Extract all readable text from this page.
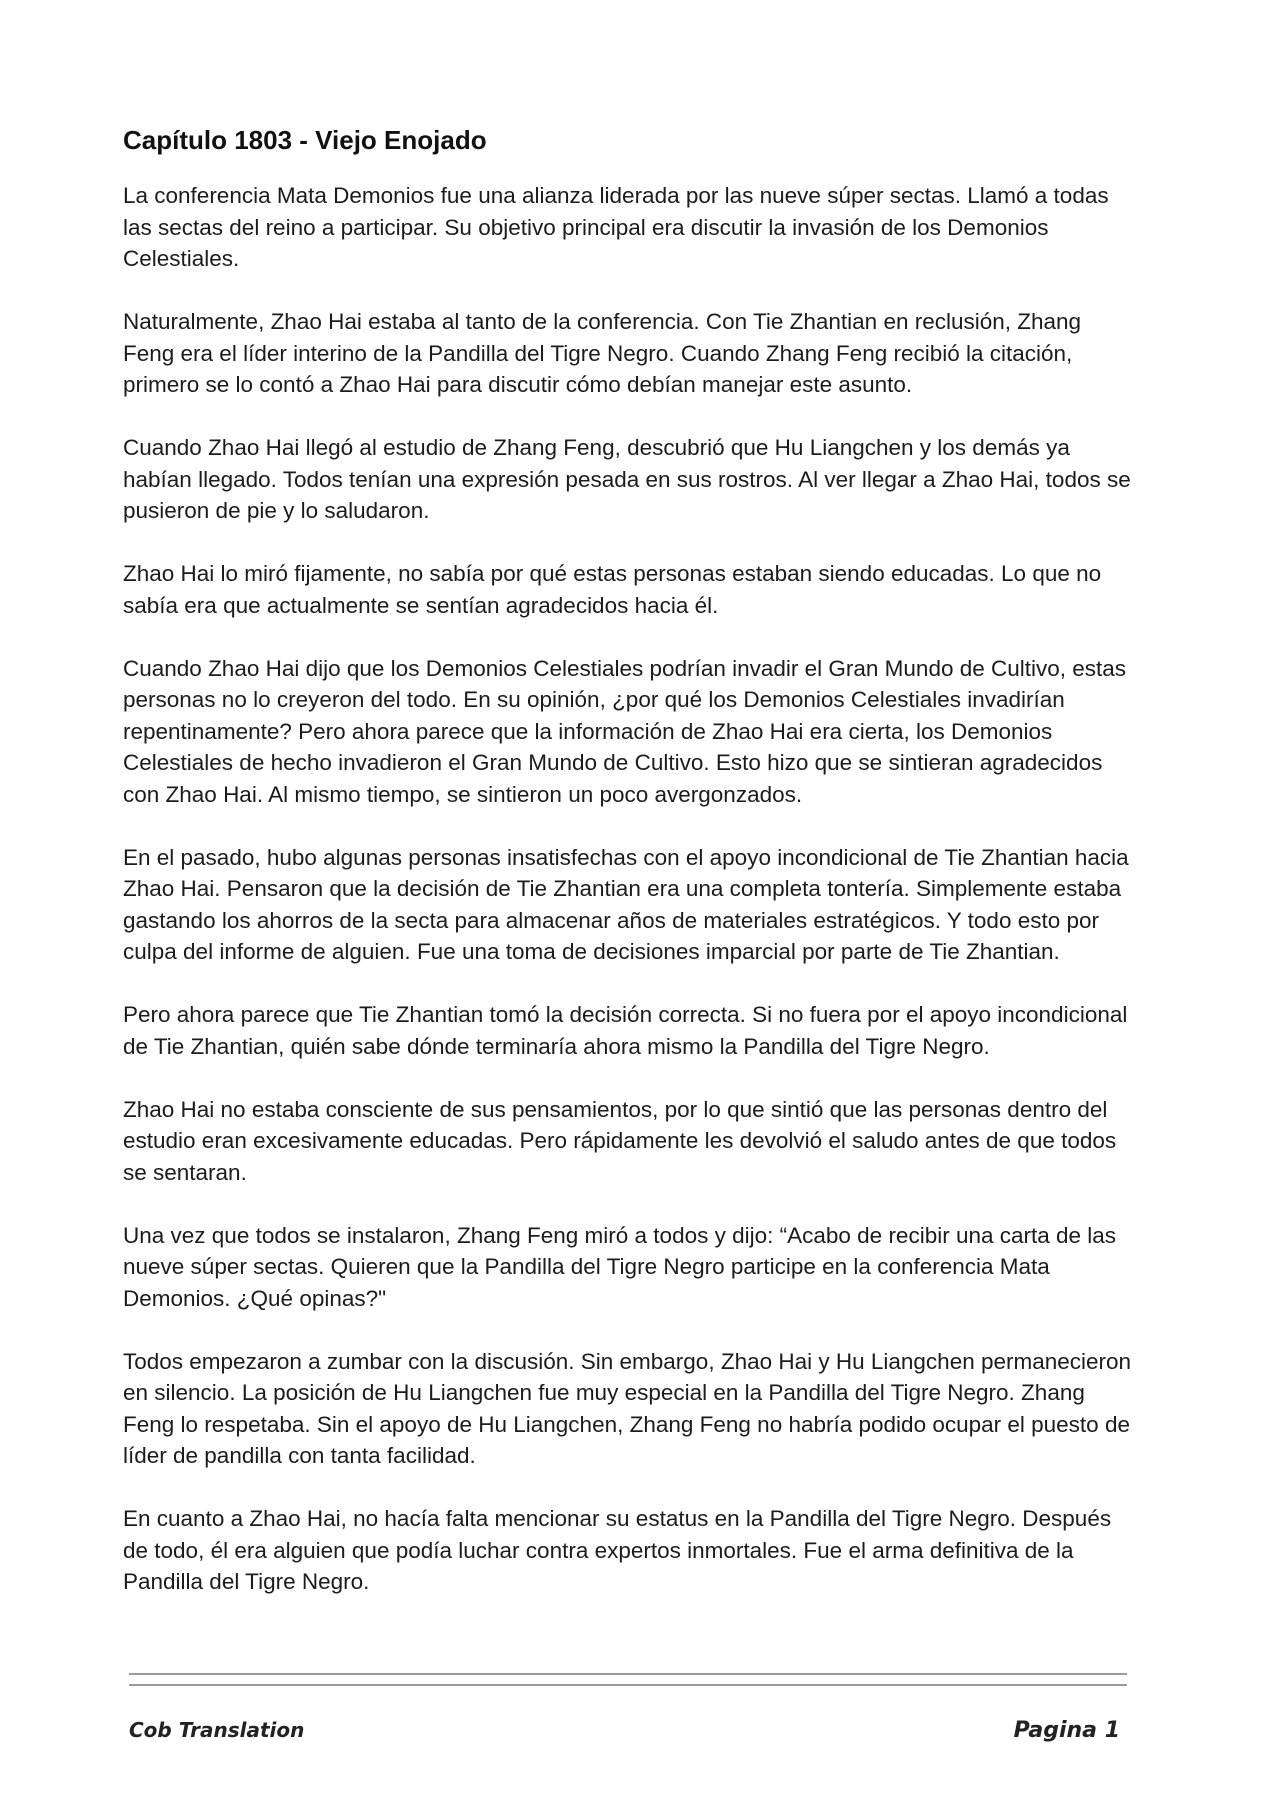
Capítulo 1803 - Viejo Enojado

La conferencia Mata Demonios fue una alianza liderada por las nueve súper sectas. Llamó a todas las sectas del reino a participar. Su objetivo principal era discutir la invasión de los Demonios Celestiales.

Naturalmente, Zhao Hai estaba al tanto de la conferencia. Con Tie Zhantian en reclusión, Zhang Feng era el líder interino de la Pandilla del Tigre Negro. Cuando Zhang Feng recibió la citación, primero se lo contó a Zhao Hai para discutir cómo debían manejar este asunto.

Cuando Zhao Hai llegó al estudio de Zhang Feng, descubrió que Hu Liangchen y los demás ya habían llegado. Todos tenían una expresión pesada en sus rostros. Al ver llegar a Zhao Hai, todos se pusieron de pie y lo saludaron.

Zhao Hai lo miró fijamente, no sabía por qué estas personas estaban siendo educadas. Lo que no sabía era que actualmente se sentían agradecidos hacia él.

Cuando Zhao Hai dijo que los Demonios Celestiales podrían invadir el Gran Mundo de Cultivo, estas personas no lo creyeron del todo. En su opinión, ¿por qué los Demonios Celestiales invadirían repentinamente? Pero ahora parece que la información de Zhao Hai era cierta, los Demonios Celestiales de hecho invadieron el Gran Mundo de Cultivo. Esto hizo que se sintieran agradecidos con Zhao Hai. Al mismo tiempo, se sintieron un poco avergonzados.

En el pasado, hubo algunas personas insatisfechas con el apoyo incondicional de Tie Zhantian hacia Zhao Hai. Pensaron que la decisión de Tie Zhantian era una completa tontería. Simplemente estaba gastando los ahorros de la secta para almacenar años de materiales estratégicos. Y todo esto por culpa del informe de alguien. Fue una toma de decisiones imparcial por parte de Tie Zhantian.

Pero ahora parece que Tie Zhantian tomó la decisión correcta. Si no fuera por el apoyo incondicional de Tie Zhantian, quién sabe dónde terminaría ahora mismo la Pandilla del Tigre Negro.

Zhao Hai no estaba consciente de sus pensamientos, por lo que sintió que las personas dentro del estudio eran excesivamente educadas. Pero rápidamente les devolvió el saludo antes de que todos se sentaran.

Una vez que todos se instalaron, Zhang Feng miró a todos y dijo: “Acabo de recibir una carta de las nueve súper sectas. Quieren que la Pandilla del Tigre Negro participe en la conferencia Mata Demonios. ¿Qué opinas?"

Todos empezaron a zumbar con la discusión. Sin embargo, Zhao Hai y Hu Liangchen permanecieron en silencio. La posición de Hu Liangchen fue muy especial en la Pandilla del Tigre Negro. Zhang Feng lo respetaba. Sin el apoyo de Hu Liangchen, Zhang Feng no habría podido ocupar el puesto de líder de pandilla con tanta facilidad.

En cuanto a Zhao Hai, no hacía falta mencionar su estatus en la Pandilla del Tigre Negro. Después de todo, él era alguien que podía luchar contra expertos inmortales. Fue el arma definitiva de la Pandilla del Tigre Negro.

Cob Translation	Pagina 1
